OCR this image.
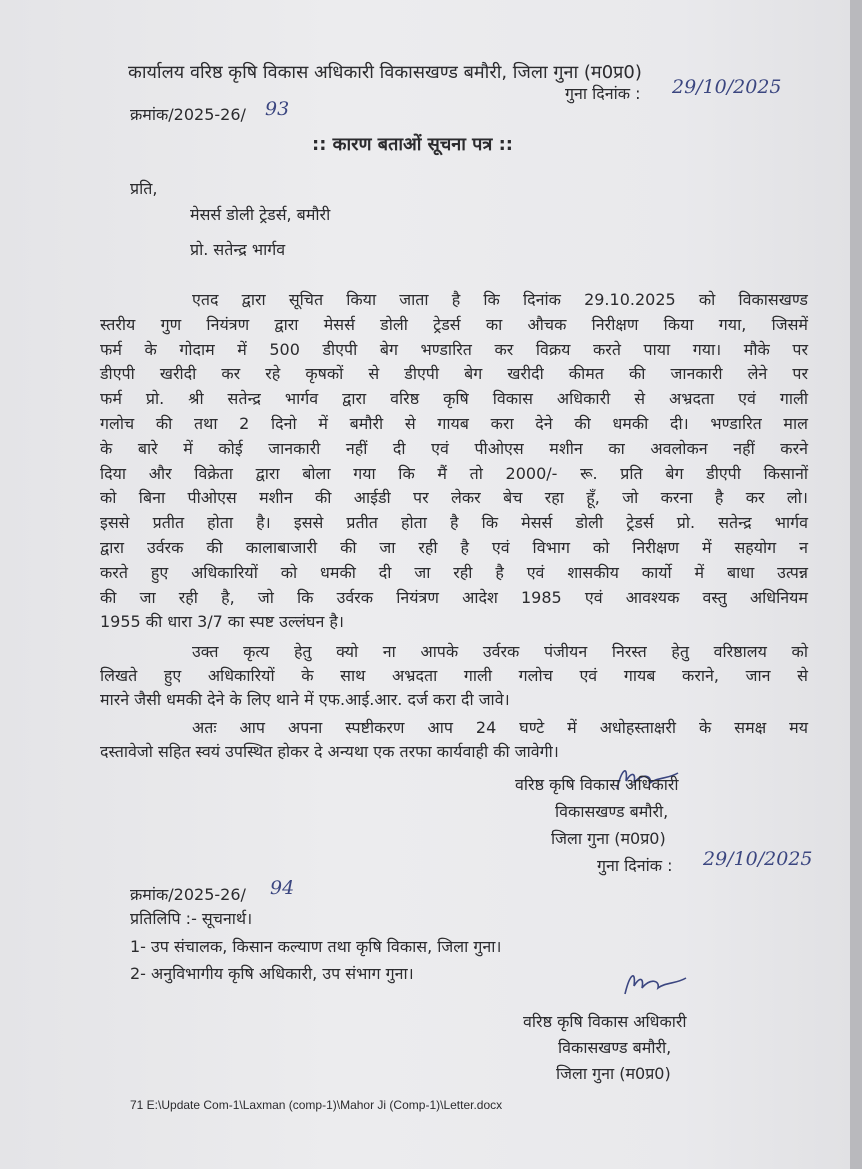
कार्यालय वरिष्ठ कृषि विकास अधिकारी विकासखण्ड बमौरी, जिला गुना (म0प्र0)
गुना दिनांक : 29/10/2025
क्रमांक/2025-26/ 93
:: कारण बताओं सूचना पत्र ::
प्रति,
मेसर्स डोली ट्रेडर्स, बमौरी
प्रो. सतेन्द्र भार्गव
एतद द्वारा सूचित किया जाता है कि दिनांक 29.10.2025 को विकासखण्ड
स्तरीय गुण नियंत्रण द्वारा मेसर्स डोली ट्रेडर्स का औचक निरीक्षण किया गया, जिसमें
फर्म के गोदाम में 500 डीएपी बेग भण्डारित कर विक्रय करते पाया गया। मौके पर
डीएपी खरीदी कर रहे कृषकों से डीएपी बेग खरीदी कीमत की जानकारी लेने पर
फर्म प्रो. श्री सतेन्द्र भार्गव द्वारा वरिष्ठ कृषि विकास अधिकारी से अभ्रदता एवं गाली
गलोच की तथा 2 दिनो में बमौरी से गायब करा देने की धमकी दी। भण्डारित माल
के बारे में कोई जानकारी नहीं दी एवं पीओएस मशीन का अवलोकन नहीं करने
दिया और विक्रेता द्वारा बोला गया कि मैं तो 2000/- रू. प्रति बेग डीएपी किसानों
को बिना पीओएस मशीन की आईडी पर लेकर बेच रहा हूँ, जो करना है कर लो।
इससे प्रतीत होता है। इससे प्रतीत होता है कि मेसर्स डोली ट्रेडर्स प्रो. सतेन्द्र भार्गव
द्वारा उर्वरक की कालाबाजारी की जा रही है एवं विभाग को निरीक्षण में सहयोग न
करते हुए अधिकारियों को धमकी दी जा रही है एवं शासकीय कार्यो में बाधा उत्पन्न
की जा रही है, जो कि उर्वरक नियंत्रण आदेश 1985 एवं आवश्यक वस्तु अधिनियम
1955 की धारा 3/7 का स्पष्ट उल्लंघन है।
उक्त कृत्य हेतु क्यो ना आपके उर्वरक पंजीयन निरस्त हेतु वरिष्ठालय को
लिखते हुए अधिकारियों के साथ अभ्रदता गाली गलोच एवं गायब कराने, जान से
मारने जैसी धमकी देने के लिए थाने में एफ.आई.आर. दर्ज करा दी जावे।
अतः आप अपना स्पष्टीकरण आप 24 घण्टे में अधोहस्ताक्षरी के समक्ष मय
दस्तावेजो सहित स्वयं उपस्थित होकर दे अन्यथा एक तरफा कार्यवाही की जावेगी।
वरिष्ठ कृषि विकास अधिकारी
विकासखण्ड बमौरी,
जिला गुना (म0प्र0)
गुना दिनांक : 29/10/2025
क्रमांक/2025-26/ 94
प्रतिलिपि :- सूचनार्थ।
1- उप संचालक, किसान कल्याण तथा कृषि विकास, जिला गुना।
2- अनुविभागीय कृषि अधिकारी, उप संभाग गुना।
वरिष्ठ कृषि विकास अधिकारी
विकासखण्ड बमौरी,
जिला गुना (म0प्र0)
71 E:\Update Com-1\Laxman (comp-1)\Mahor Ji (Comp-1)\Letter.docx
